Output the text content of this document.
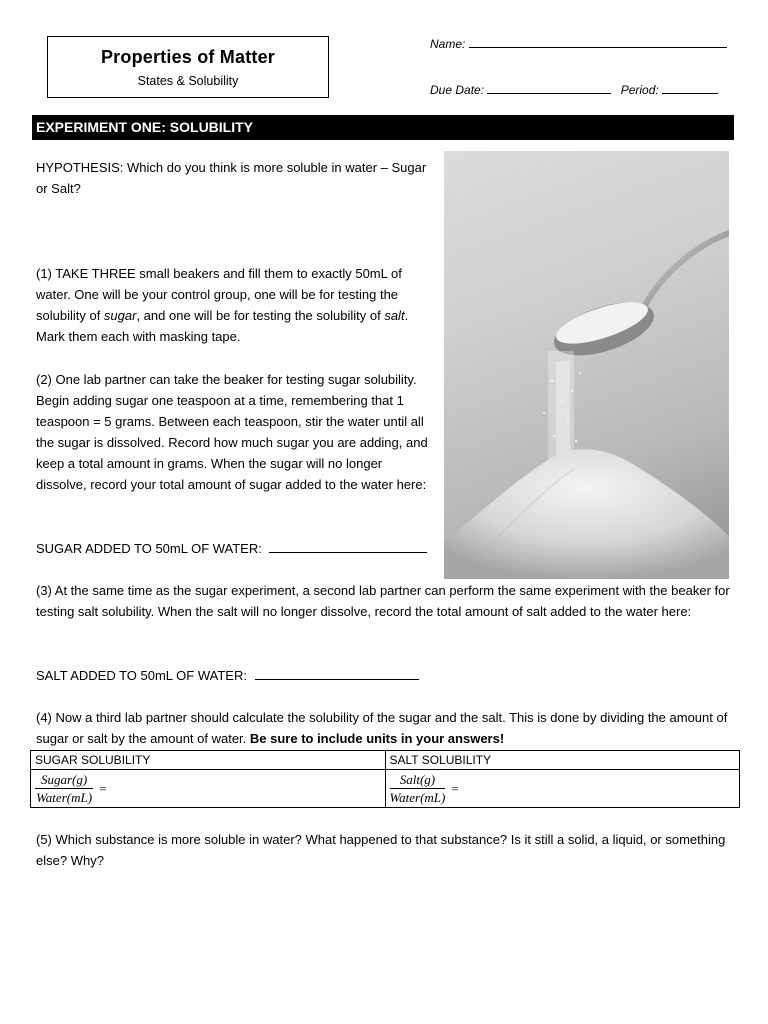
Properties of Matter
States & Solubility
Name:
Due Date:	Period:
EXPERIMENT ONE: SOLUBILITY
HYPOTHESIS: Which do you think is more soluble in water – Sugar or Salt?
(1) TAKE THREE small beakers and fill them to exactly 50mL of water. One will be your control group, one will be for testing the solubility of sugar, and one will be for testing the solubility of salt. Mark them each with masking tape.
(2) One lab partner can take the beaker for testing sugar solubility. Begin adding sugar one teaspoon at a time, remembering that 1 teaspoon = 5 grams. Between each teaspoon, stir the water until all the sugar is dissolved. Record how much sugar you are adding, and keep a total amount in grams. When the sugar will no longer dissolve, record your total amount of sugar added to the water here:
SUGAR ADDED TO 50mL OF WATER:
(3) At the same time as the sugar experiment, a second lab partner can perform the same experiment with the beaker for testing salt solubility. When the salt will no longer dissolve, record the total amount of salt added to the water here:
SALT ADDED TO 50mL OF WATER:
(4) Now a third lab partner should calculate the solubility of the sugar and the salt. This is done by dividing the amount of sugar or salt by the amount of water. Be sure to include units in your answers!
SUGAR SOLUBILITY	SALT SOLUBILITY

$\frac{\text{Sugar(g)}}{\text{Water(mL)}}$ =	$\frac{\text{Salt(g)}}{\text{Water(mL)}}$ =
(5) Which substance is more soluble in water? What happened to that substance? Is it still a solid, a liquid, or something else? Why?
